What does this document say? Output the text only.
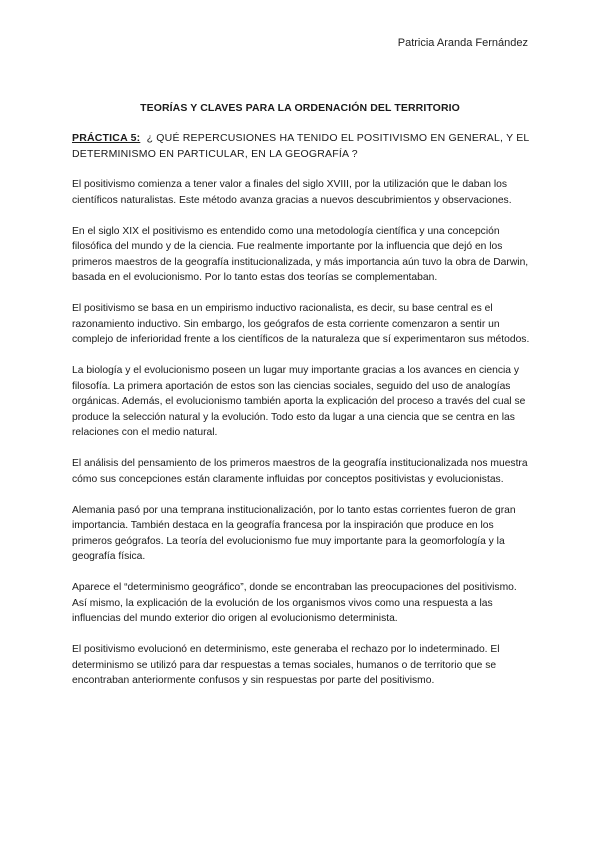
Patricia Aranda Fernández
TEORÍAS Y CLAVES PARA LA ORDENACIÓN DEL TERRITORIO
PRÁCTICA 5: ¿ QUÉ REPERCUSIONES HA TENIDO EL POSITIVISMO EN GENERAL, Y EL DETERMINISMO EN PARTICULAR, EN LA GEOGRAFÍA ?

El positivismo comienza a tener valor a finales del siglo XVIII, por la utilización que le daban los científicos naturalistas. Este método avanza gracias a nuevos descubrimientos y observaciones.

En el siglo XIX el positivismo es entendido como una metodología científica y una concepción filosófica del mundo y de la ciencia. Fue realmente importante por la influencia que dejó en los primeros maestros de la geografía institucionalizada, y más importancia aún tuvo la obra de Darwin, basada en el evolucionismo. Por lo tanto estas dos teorías se complementaban.

El positivismo se basa en un empirismo inductivo racionalista, es decir, su base central es el razonamiento inductivo. Sin embargo, los geógrafos de esta corriente comenzaron a sentir un complejo de inferioridad frente a los científicos de la naturaleza que sí experimentaron sus métodos.

La biología y el evolucionismo poseen un lugar muy importante gracias a los avances en ciencia y filosofía. La primera aportación de estos son las ciencias sociales, seguido del uso de analogías orgánicas. Además, el evolucionismo también aporta la explicación del proceso a través del cual se produce la selección natural y la evolución. Todo esto da lugar a una ciencia que se centra en las relaciones con el medio natural.

El análisis del pensamiento de los primeros maestros de la geografía institucionalizada nos muestra cómo sus concepciones están claramente influidas por conceptos positivistas y evolucionistas.

Alemania pasó por una temprana institucionalización, por lo tanto estas corrientes fueron de gran importancia. También destaca en la geografía francesa por la inspiración que produce en los primeros geógrafos. La teoría del evolucionismo fue muy importante para la geomorfología y la geografía física.

Aparece el “determinismo geográfico”, donde se encontraban las preocupaciones del positivismo. Así mismo, la explicación de la evolución de los organismos vivos como una respuesta a las influencias del mundo exterior dio origen al evolucionismo determinista.

El positivismo evolucionó en determinismo, este generaba el rechazo por lo indeterminado. El determinismo se utilizó para dar respuestas a temas sociales, humanos o de territorio que se encontraban anteriormente confusos y sin respuestas por parte del positivismo.
